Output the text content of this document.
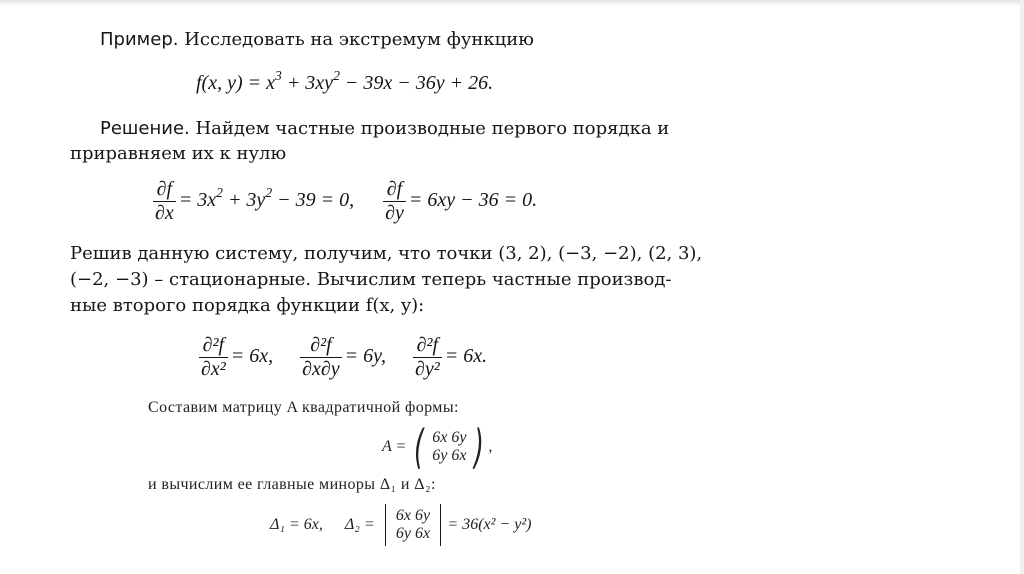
Пример. Исследовать на экстремум функцию
f(x, $y) = x^3 + 3xy^2 - 39x - 36y + 26$.
Решение. Найдем частные производные первого порядка и
приравняем их к нулю
$\frac{\partial f}{\partial x} = 3x^2 + 3y^2 - 39 = 0$, $\frac{\partial f}{\partial y} = 6xy - 36 = 0$.
Решив данную систему, получим, что точки (3, 2), (−3, −2), (2, 3),
(−2, −3) – стационарные. Вычислим теперь частные производ-
ные второго порядка функции f(x, y):
$\frac{\text{∂²f}}{\text{∂x²}} = 6x$, $\frac{\text{∂²f}}{\partial x\partial y} = 6y$, $\frac{\text{∂²f}}{\text{∂y²}} = 6x$.
Составим матрицу A квадратичной формы:
A = ( 6x 6y
6y 6x ) ,
и вычислим ее главные миноры Δ₁ и Δ₂:
Δ₁ = 6x, Δ₂ =
6x 6y
6y 6x
= 36(x² − y²)
